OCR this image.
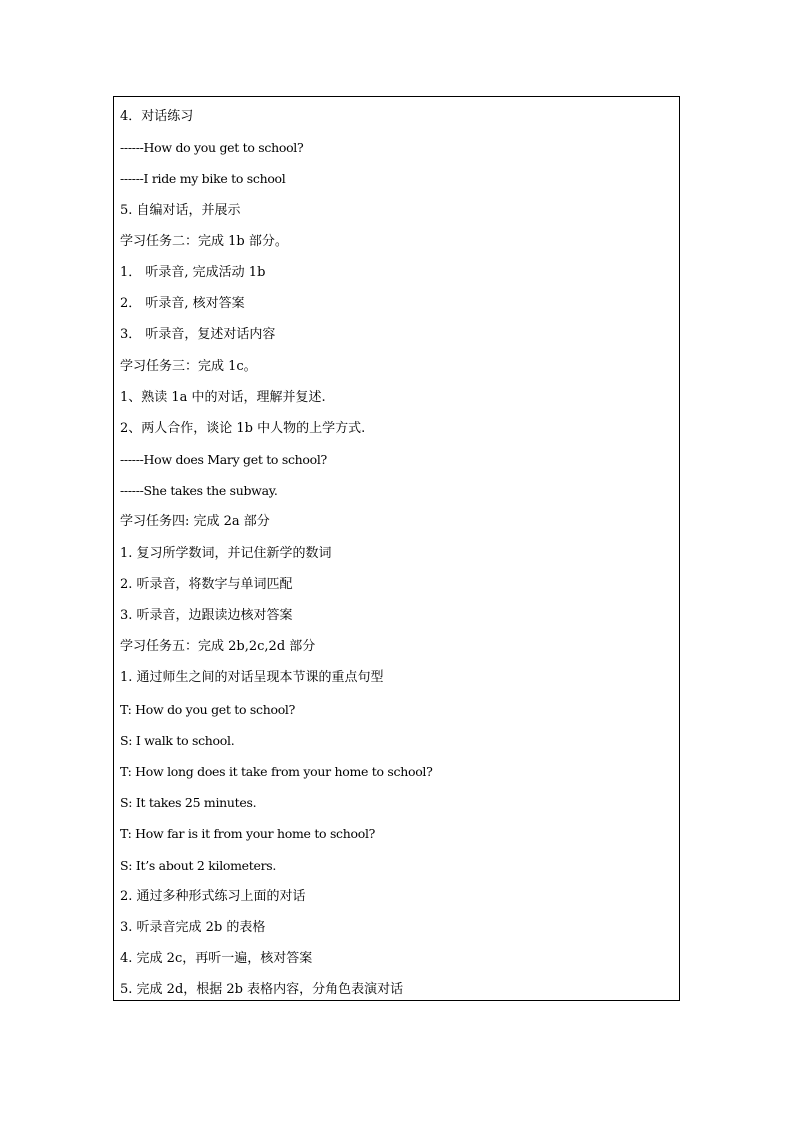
4．对话练习
------How do you get to school?
------I ride my bike to school
5. 自编对话，并展示
学习任务二：完成 1b 部分。
1． 听录音, 完成活动 1b
2． 听录音, 核对答案
3． 听录音，复述对话内容
学习任务三：完成 1c。
1、熟读 1a 中的对话，理解并复述.
2、两人合作，谈论 1b 中人物的上学方式.
------How does Mary get to school?
------She takes the subway.
学习任务四: 完成 2a 部分
1. 复习所学数词，并记住新学的数词
2. 听录音，将数字与单词匹配
3. 听录音，边跟读边核对答案
学习任务五：完成 2b,2c,2d 部分
1. 通过师生之间的对话呈现本节课的重点句型
T: How do you get to school?
S: I walk to school.
T: How long does it take from your home to school?
S: It takes 25 minutes.
T: How far is it from your home to school?
S: It’s about 2 kilometers.
2. 通过多种形式练习上面的对话
3. 听录音完成 2b 的表格
4. 完成 2c，再听一遍，核对答案
5. 完成 2d，根据 2b 表格内容，分角色表演对话
